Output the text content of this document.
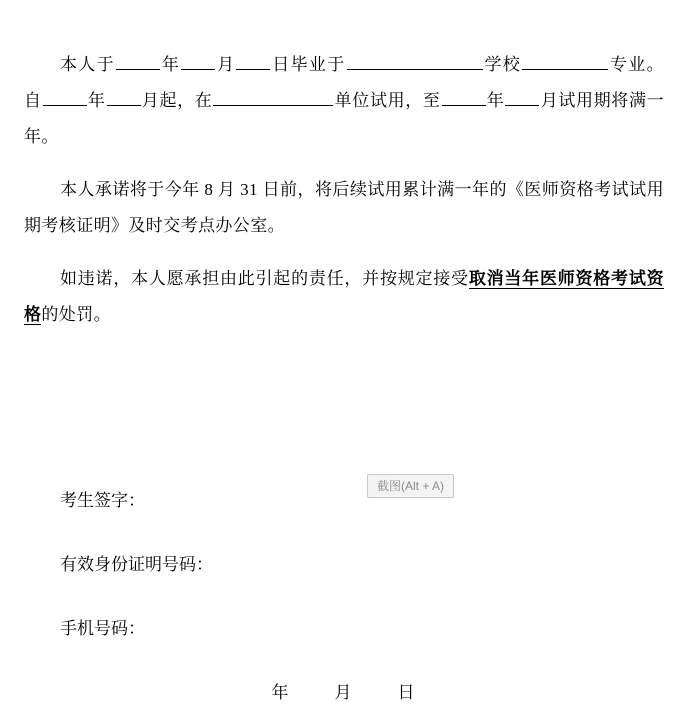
本人于	年 月 日毕业于	学校	专业。自	年 月起，在	单位试用，至	年 月试用期将满一年。

本人承诺将于今年 8 月 31 日前，将后续试用累计满一年的《医师资格考试试用期考核证明》及时交考点办公室。

如违诺，本人愿承担由此引起的责任，并按规定接受取消当年医师资格考试资格的处罚。

考生签字：
有效身份证明号码：
手机号码：
年	月	日
截图(Alt + A)
